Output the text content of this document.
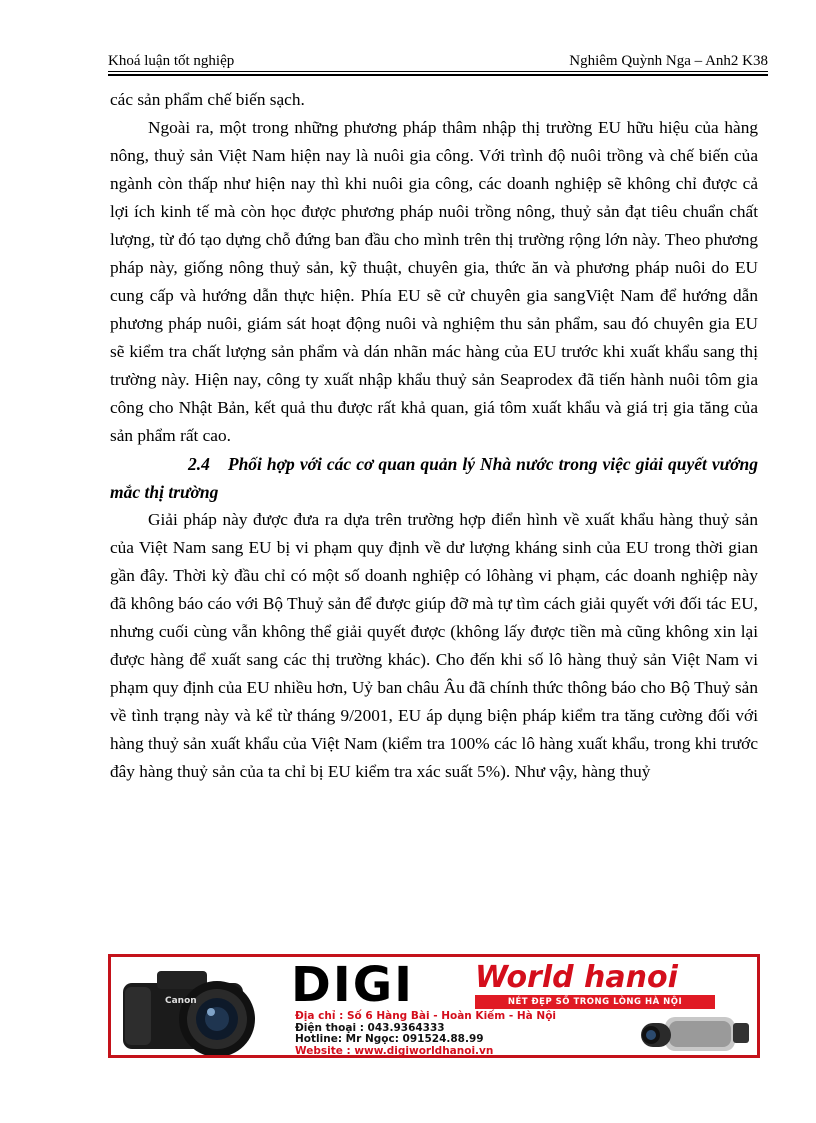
Khoá luận tốt nghiệp	Nghiêm Quỳnh Nga – Anh2 K38

các sản phẩm chế biến sạch.

Ngoài ra, một trong những phương pháp thâm nhập thị trường EU hữu hiệu của hàng nông, thuỷ sản Việt Nam hiện nay là nuôi gia công. Với trình độ nuôi trồng và chế biến của ngành còn thấp như hiện nay thì khi nuôi gia công, các doanh nghiệp sẽ không chỉ được cả lợi ích kinh tế mà còn học được phương pháp nuôi trồng nông, thuỷ sản đạt tiêu chuẩn chất lượng, từ đó tạo dựng chỗ đứng ban đầu cho mình trên thị trường rộng lớn này. Theo phương pháp này, giống nông thuỷ sản, kỹ thuật, chuyên gia, thức ăn và phương pháp nuôi do EU cung cấp và hướng dẫn thực hiện. Phía EU sẽ cử chuyên gia sangViệt Nam để hướng dẫn phương pháp nuôi, giám sát hoạt động nuôi và nghiệm thu sản phẩm, sau đó chuyên gia EU sẽ kiểm tra chất lượng sản phẩm và dán nhãn mác hàng của EU trước khi xuất khẩu sang thị trường này. Hiện nay, công ty xuất nhập khẩu thuỷ sản Seaprodex đã tiến hành nuôi tôm gia công cho Nhật Bản, kết quả thu được rất khả quan, giá tôm xuất khẩu và giá trị gia tăng của sản phẩm rất cao.

2.4 Phối hợp với các cơ quan quản lý Nhà nước trong việc giải quyết vướng mắc thị trường

Giải pháp này được đưa ra dựa trên trường hợp điển hình về xuất khẩu hàng thuỷ sản của Việt Nam sang EU bị vi phạm quy định về dư lượng kháng sinh của EU trong thời gian gần đây. Thời kỳ đầu chỉ có một số doanh nghiệp có lôhàng vi phạm, các doanh nghiệp này đã không báo cáo với Bộ Thuỷ sản để được giúp đỡ mà tự tìm cách giải quyết với đối tác EU, nhưng cuối cùng vẫn không thể giải quyết được (không lấy được tiền mà cũng không xin lại được hàng để xuất sang các thị trường khác). Cho đến khi số lô hàng thuỷ sản Việt Nam vi phạm quy định của EU nhiều hơn, Uỷ ban châu Âu đã chính thức thông báo cho Bộ Thuỷ sản về tình trạng này và kể từ tháng 9/2001, EU áp dụng biện pháp kiểm tra tăng cường đối với hàng thuỷ sản xuất khẩu của Việt Nam (kiểm tra 100% các lô hàng xuất khẩu, trong khi trước đây hàng thuỷ sản của ta chỉ bị EU kiểm tra xác suất 5%). Như vậy, hàng thuỷ

Canon DIGI World hanoi
NÉT ĐẸP SỐ TRONG LÒNG HÀ NỘI
Địa chỉ : Số 6 Hàng Bài - Hoàn Kiếm - Hà Nội
Điện thoại : 043.9364333
Hotline: Mr Ngọc: 091524.88.99
Website : www.digiworldhanoi.vn
